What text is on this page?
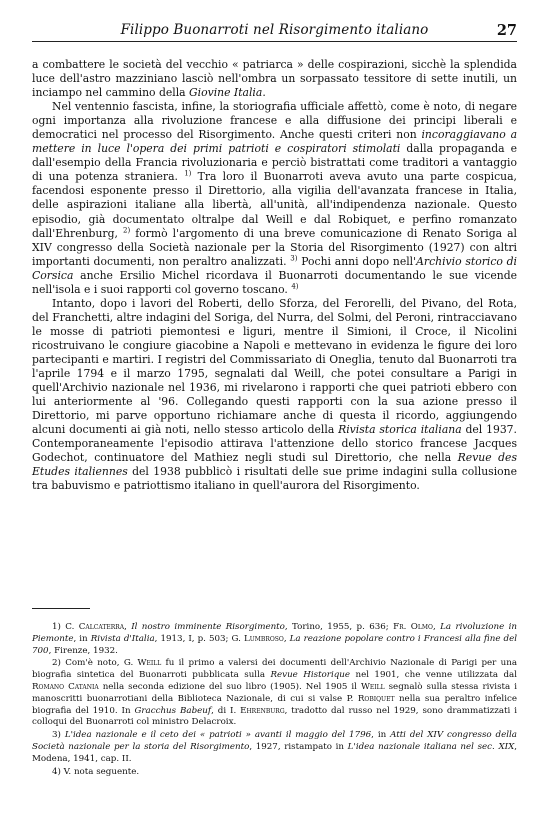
Filippo Buonarroti nel Risorgimento italiano	27

a combattere le società del vecchio « patriarca » delle cospirazioni, sicchè la splendida luce dell'astro mazziniano lasciò nell'ombra un sorpassato tessitore di sette inutili, un inciampo nel cammino della Giovine Italia.

Nel ventennio fascista, infine, la storiografia ufficiale affettò, come è noto, di negare ogni importanza alla rivoluzione francese e alla diffusione dei principi liberali e democratici nel processo del Risorgimento. Anche questi criteri non incoraggiavano a mettere in luce l'opera dei primi patrioti e cospiratori stimolati dalla propaganda e dall'esempio della Francia rivoluzionaria e perciò bistrattati come traditori a vantaggio di una potenza straniera. $^{1)}$ Tra loro il Buonarroti aveva avuto una parte cospicua, facendosi esponente presso il Direttorio, alla vigilia dell'avanzata francese in Italia, delle aspirazioni italiane alla libertà, all'unità, all'indipendenza nazionale. Questo episodio, già documentato oltralpe dal Weill e dal Robiquet, e perfino romanzato dall'Ehrenburg, $^{2)}$ formò l'argomento di una breve comunicazione di Renato Soriga al XIV congresso della Società nazionale per la Storia del Risorgimento (1927) con altri importanti documenti, non peraltro analizzati. $^{3)}$ Pochi anni dopo nell'Archivio storico di Corsica anche Ersilio Michel ricordava il Buonarroti documentando le sue vicende nell'isola e i suoi rapporti col governo toscano. $^{4)}$

Intanto, dopo i lavori del Roberti, dello Sforza, del Ferorelli, del Pivano, del Rota, del Franchetti, altre indagini del Soriga, del Nurra, del Solmi, del Peroni, rintracciavano le mosse di patrioti piemontesi e liguri, mentre il Simioni, il Croce, il Nicolini ricostruivano le congiure giacobine a Napoli e mettevano in evidenza le figure dei loro partecipanti e martiri. I registri del Commissariato di Oneglia, tenuto dal Buonarroti tra l'aprile 1794 e il marzo 1795, segnalati dal Weill, che potei consultare a Parigi in quell'Archivio nazionale nel 1936, mi rivelarono i rapporti che quei patrioti ebbero con lui anteriormente al '96. Collegando questi rapporti con la sua azione presso il Direttorio, mi parve opportuno richiamare anche di questa il ricordo, aggiungendo alcuni documenti ai già noti, nello stesso articolo della Rivista storica italiana del 1937. Contemporaneamente l'episodio attirava l'attenzione dello storico francese Jacques Godechot, continuatore del Mathiez negli studi sul Direttorio, che nella Revue des Etudes italiennes del 1938 pubblicò i risultati delle sue prime indagini sulla collusione tra babuvismo e patriottismo italiano in quell'aurora del Risorgimento.

1) C. Calcaterra, Il nostro imminente Risorgimento, Torino, 1955, p. 636; Fr. Olmo, La rivoluzione in Piemonte, in Rivista d'Italia, 1913, I, p. 503; G. Lumbroso, La reazione popolare contro i Francesi alla fine del 700, Firenze, 1932.

2) Com'è noto, G. Weill fu il primo a valersi dei documenti dell'Archivio Nazionale di Parigi per una biografia sintetica del Buonarroti pubblicata sulla Revue Historique nel 1901, che venne utilizzata dal Romano Catania nella seconda edizione del suo libro (1905). Nel 1905 il Weill segnalò sulla stessa rivista i manoscritti buonarrotiani della Biblioteca Nazionale, di cui si valse P. Robiquet nella sua peraltro infelice biografia del 1910. In Gracchus Babeuf, di I. Ehrenburg, tradotto dal russo nel 1929, sono drammatizzati i colloqui del Buonarroti col ministro Delacroix.

3) L'idea nazionale e il ceto dei « patrioti » avanti il maggio del 1796, in Atti del XIV congresso della Società nazionale per la storia del Risorgimento, 1927, ristampato in L'idea nazionale italiana nel sec. XIX, Modena, 1941, cap. II.

4) V. nota seguente.
